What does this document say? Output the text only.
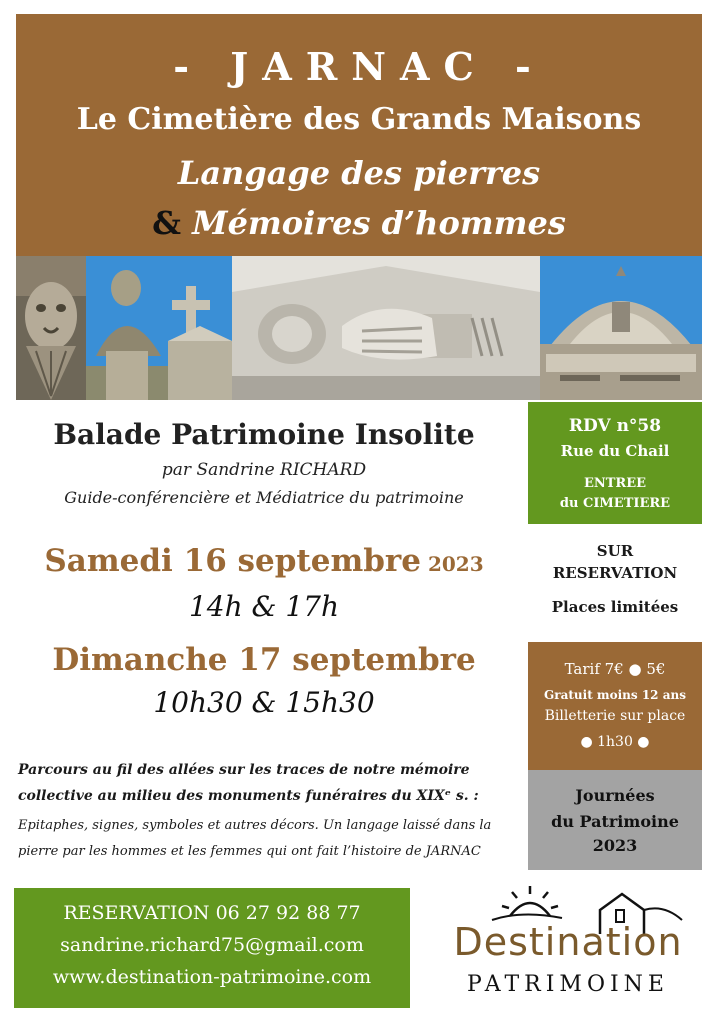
- JARNAC -
Le Cimetière des Grands Maisons
Langage des pierres
& Mémoires d’hommes
Balade Patrimoine Insolite
par Sandrine RICHARD
Guide-conférencière et Médiatrice du patrimoine
RDV n°58
Rue du Chail
ENTREE
du CIMETIERE
Samedi 16 septembre 2023
14h & 17h
Dimanche 17 septembre
10h30 & 15h30
SUR
RESERVATION
Places limitées
Tarif 7€ ● 5€
Gratuit moins 12 ans
Billetterie sur place
● 1h30 ●
Journées
du Patrimoine
2023
Parcours au fil des allées sur les traces de notre mémoire
collective au milieu des monuments funéraires du XIXᵉ s. :
Epitaphes, signes, symboles et autres décors. Un langage laissé dans la
pierre par les hommes et les femmes qui ont fait l’histoire de JARNAC
RESERVATION 06 27 92 88 77
sandrine.richard75@gmail.com
www.destination-patrimoine.com
Destination
PATRIMOINE
